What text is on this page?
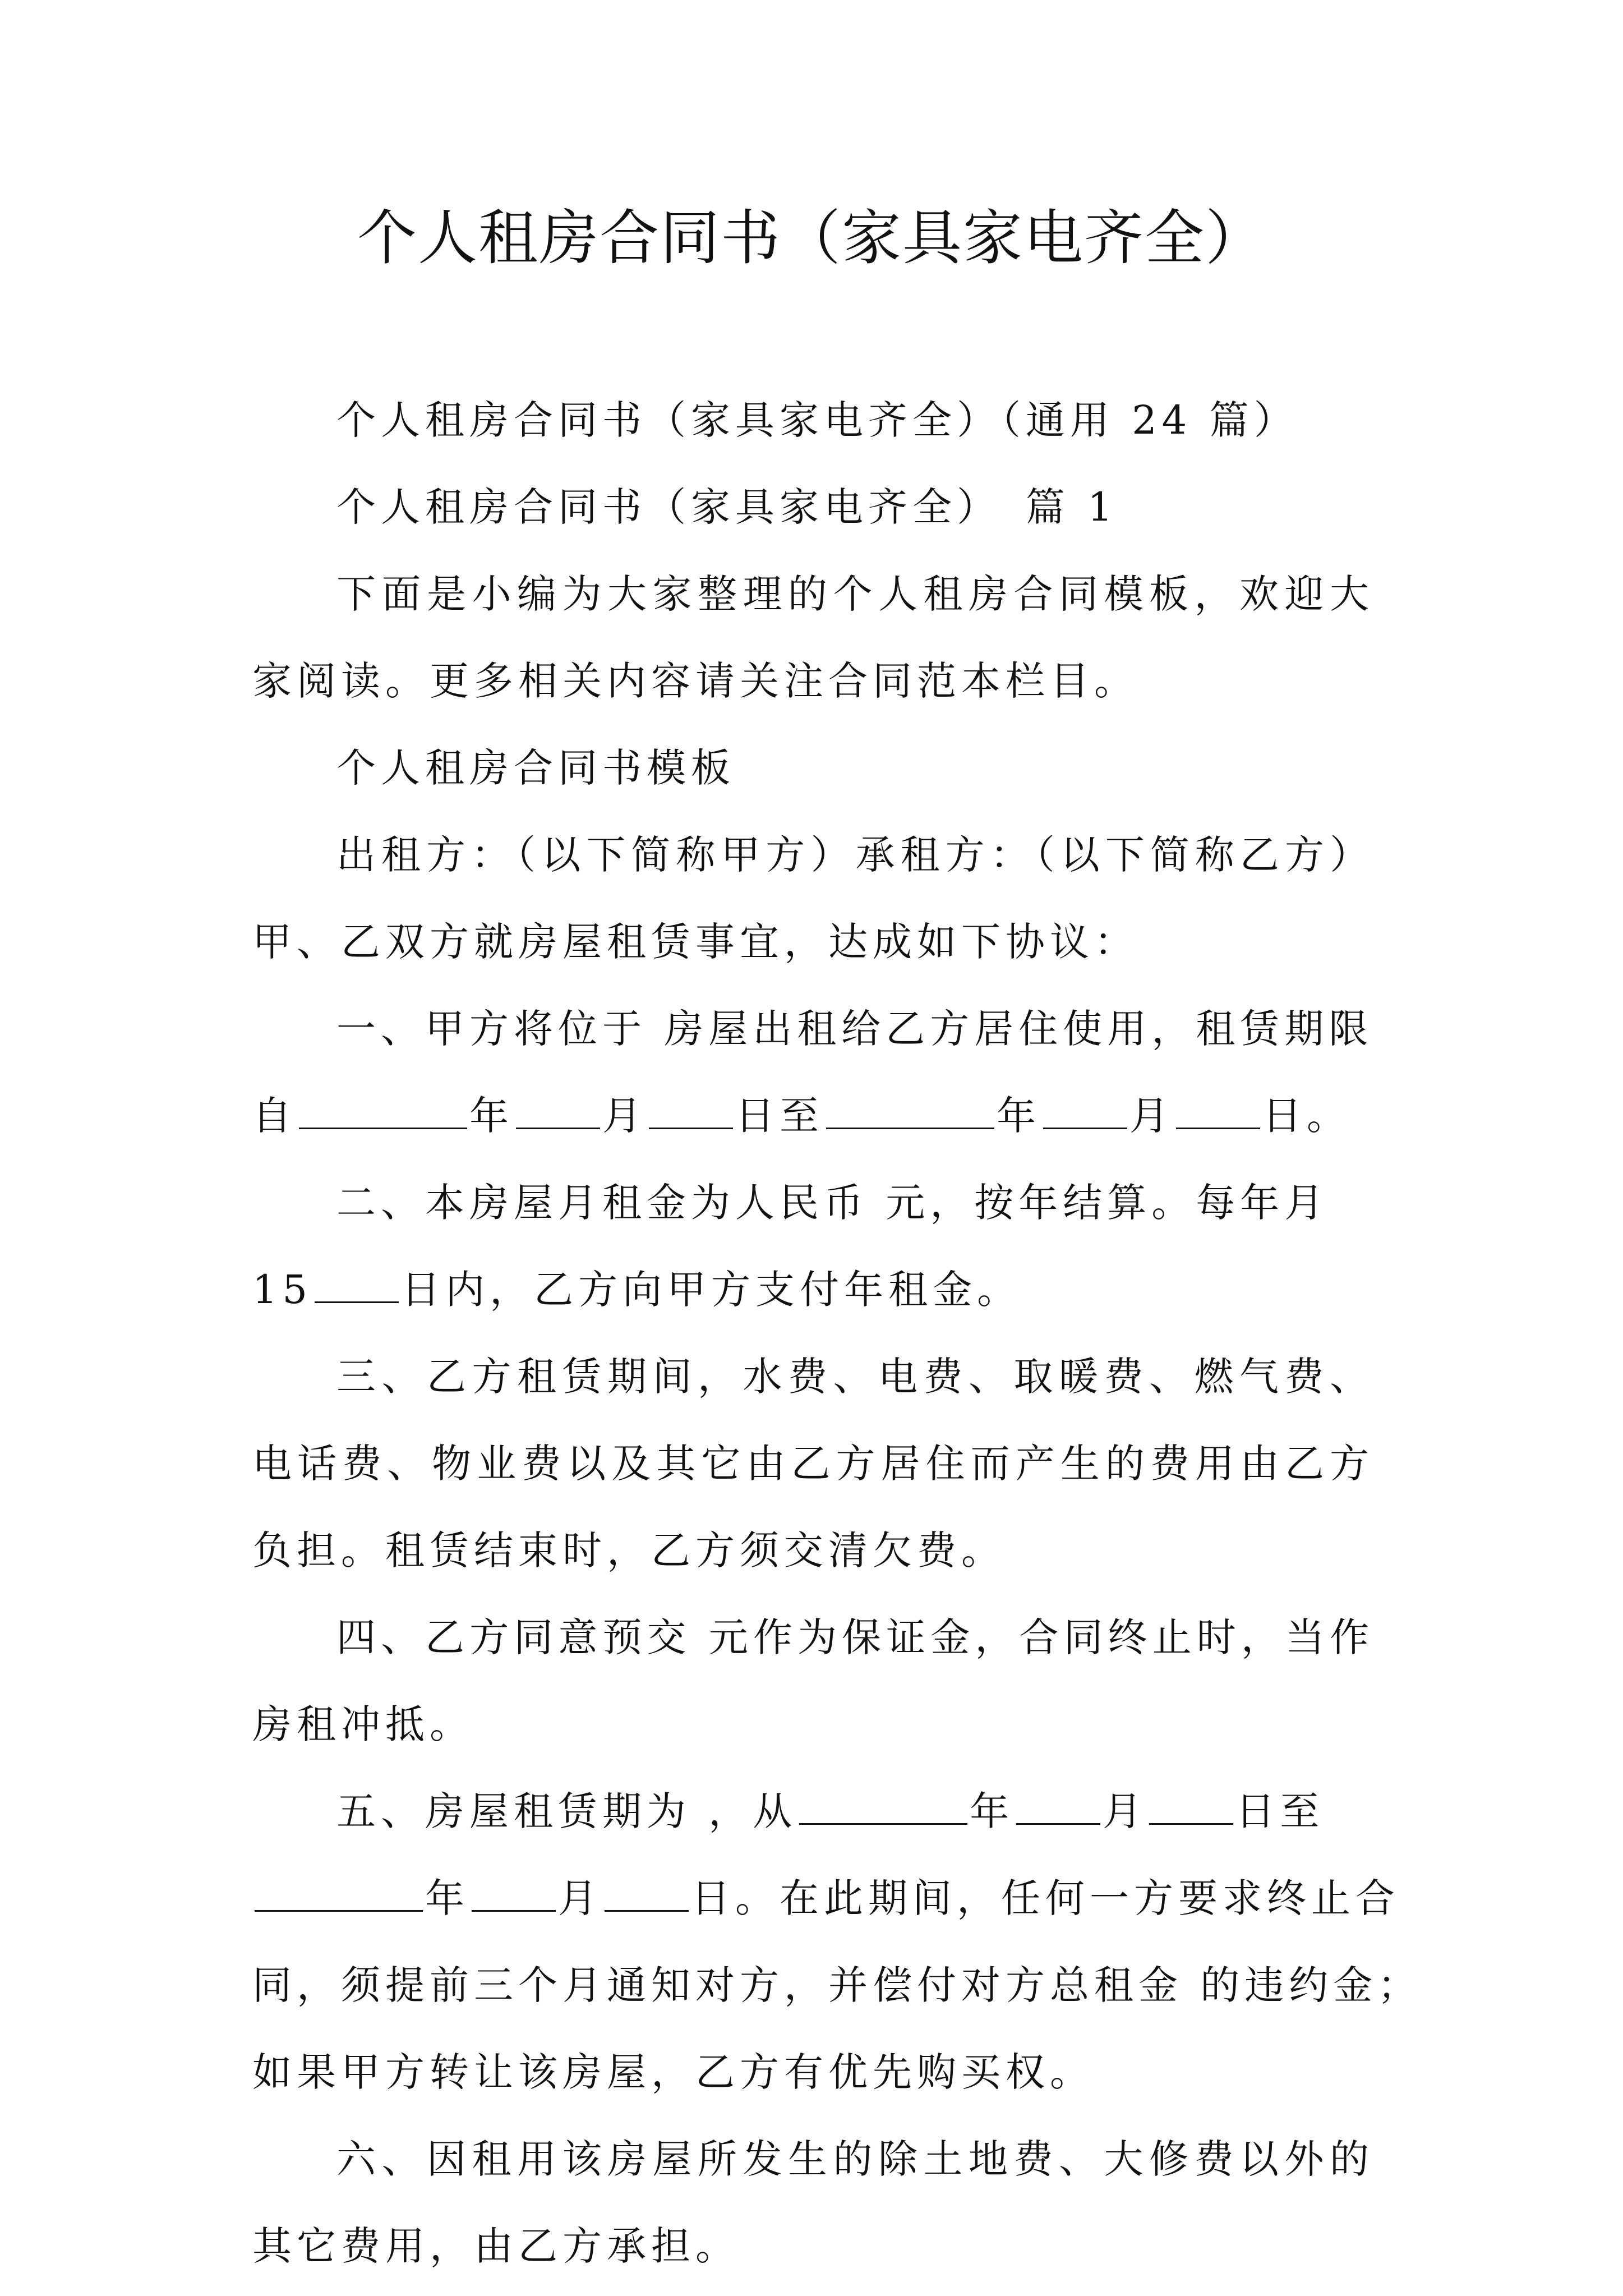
个人租房合同书（家具家电齐全）

个人租房合同书（家具家电齐全）（通用 24 篇）

个人租房合同书（家具家电齐全）　篇 1

下面是小编为大家整理的个人租房合同模板，欢迎大家阅读。更多相关内容请关注合同范本栏目。

个人租房合同书模板

出租方：（以下简称甲方）承租方：（以下简称乙方）甲、乙双方就房屋租赁事宜，达成如下协议：

一、甲方将位于 房屋出租给乙方居住使用，租赁期限
自	年 月 日至	年 月 日。
二、本房屋月租金为人民币 元，按年结算。每年月
15 日内，乙方向甲方支付年租金。

三、乙方租赁期间，水费、电费、取暖费、燃气费、电话费、物业费以及其它由乙方居住而产生的费用由乙方负担。租赁结束时，乙方须交清欠费。

四、乙方同意预交 元作为保证金，合同终止时，当作房租冲抵。

五、房屋租赁期为 ，从	年 月 日至
年 月 日。在此期间，任何一方要求终止合
同，须提前三个月通知对方，并偿付对方总租金 的违约金；
如果甲方转让该房屋，乙方有优先购买权。

六、因租用该房屋所发生的除土地费、大修费以外的其它费用，由乙方承担。
